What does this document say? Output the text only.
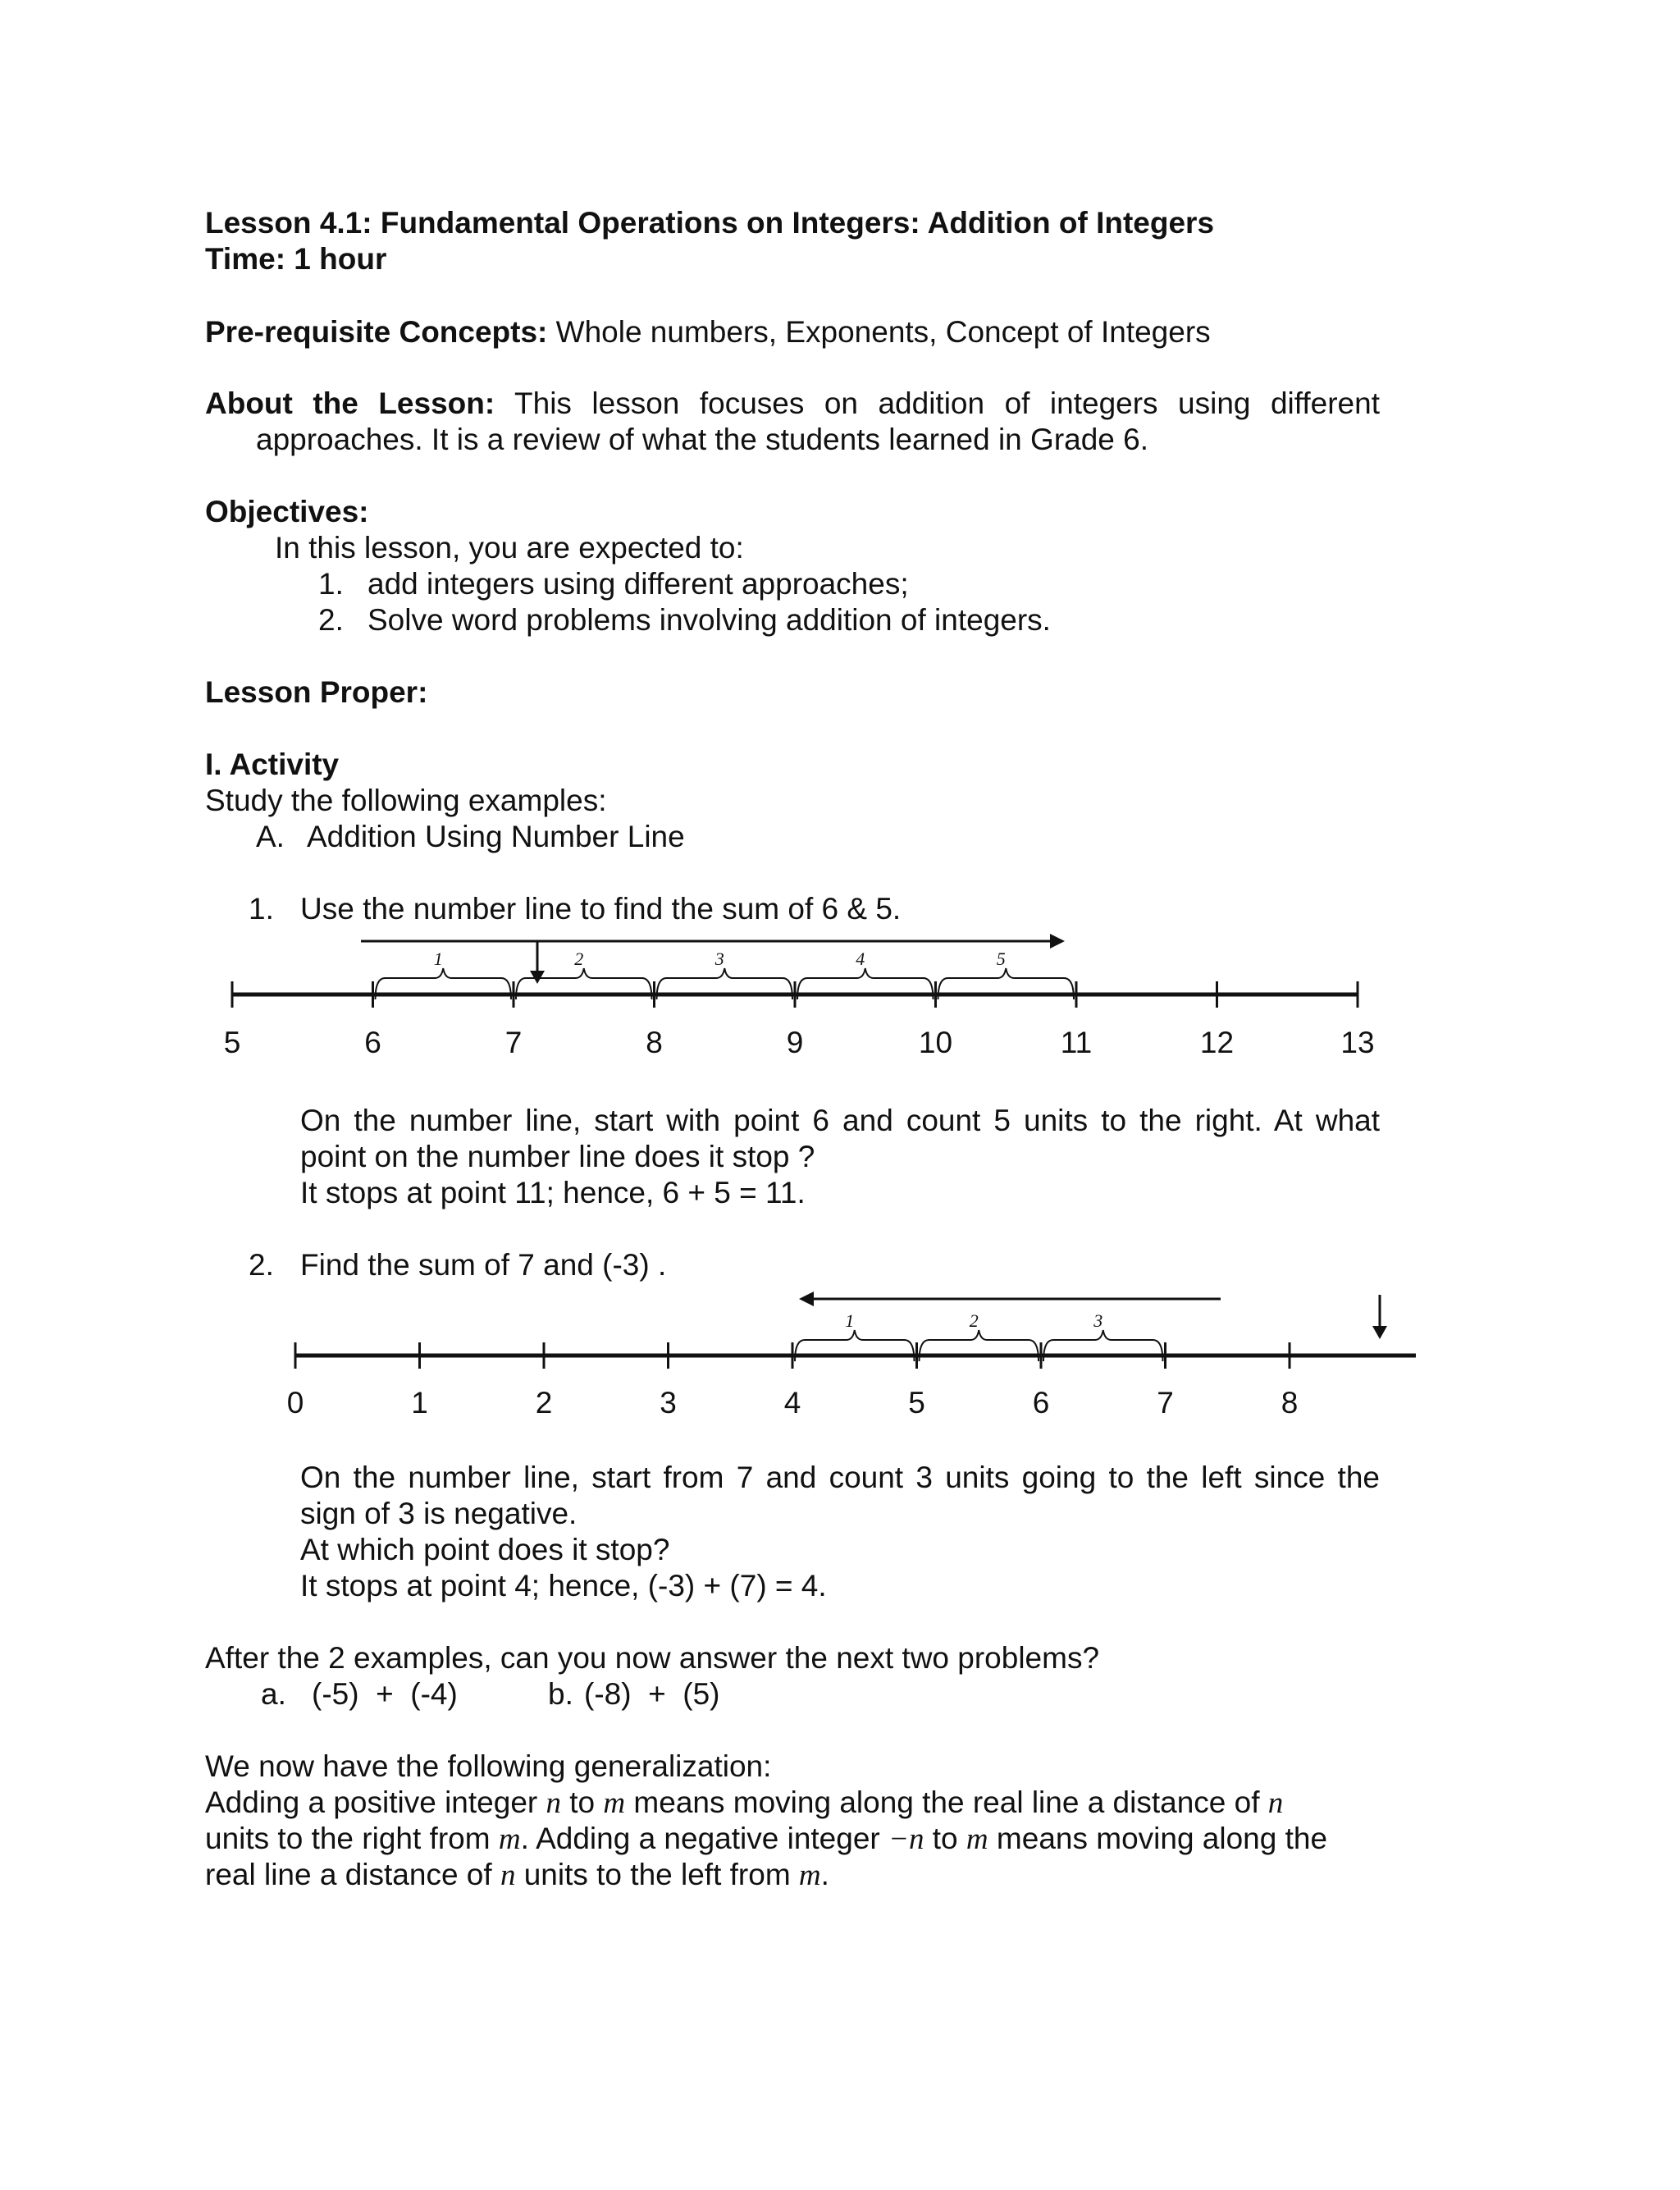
Lesson 4.1: Fundamental Operations on Integers: Addition of Integers
Time: 1 hour
Pre-requisite Concepts: Whole numbers, Exponents, Concept of Integers
About the Lesson: This lesson focuses on addition of integers using different
approaches. It is a review of what the students learned in Grade 6.
Objectives:
In this lesson, you are expected to:
1. add integers using different approaches;
2. Solve word problems involving addition of integers.
Lesson Proper:
I. Activity
Study the following examples:
A. Addition Using Number Line
1. Use the number line to find the sum of 6 & 5.
5	6	7	8	9	10	11	12	13
1	2	3	4	5
On the number line, start with point 6 and count 5 units to the right. At what
point on the number line does it stop ?
It stops at point 11; hence, 6 + 5 = 11.
2. Find the sum of 7 and (-3) .
0	1	2	3	4	5	6	7	8
3
2
1
On the number line, start from 7 and count 3 units going to the left since the
sign of 3 is negative.
At which point does it stop?
It stops at point 4; hence, (-3) + (7) = 4.
After the 2 examples, can you now answer the next two problems?
a. (-5)  +  (-4)	b. (-8)  +  (5)
We now have the following generalization:
Adding a positive integer n to m means moving along the real line a distance of n
units to the right from m. Adding a negative integer −n to m means moving along the
real line a distance of n units to the left from m.
